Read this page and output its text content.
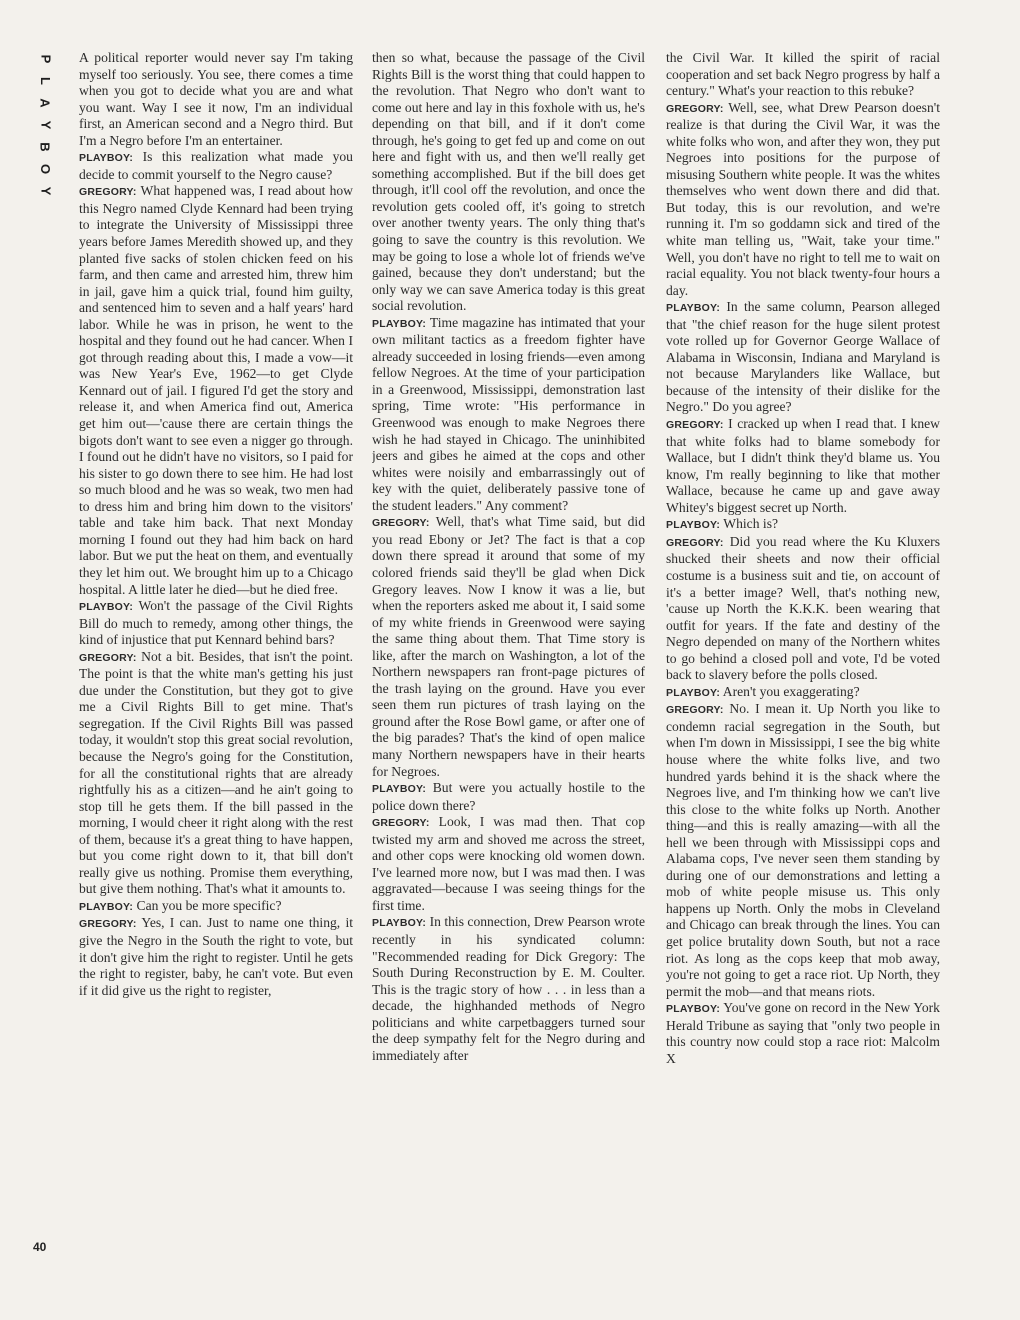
P
L
A
Y
B
O
Y

A political reporter would never say I'm taking myself too seriously. You see, there comes a time when you got to decide what you are and what you want. Way I see it now, I'm an individual first, an American second and a Negro third. But I'm a Negro before I'm an entertainer.

PLAYBOY: Is this realization what made you decide to commit yourself to the Negro cause?

GREGORY: What happened was, I read about how this Negro named Clyde Kennard had been trying to integrate the University of Mississippi three years before James Meredith showed up, and they planted five sacks of stolen chicken feed on his farm, and then came and arrested him, threw him in jail, gave him a quick trial, found him guilty, and sentenced him to seven and a half years' hard labor. While he was in prison, he went to the hospital and they found out he had cancer. When I got through reading about this, I made a vow—it was New Year's Eve, 1962—to get Clyde Kennard out of jail. I figured I'd get the story and release it, and when America find out, America get him out—'cause there are certain things the bigots don't want to see even a nigger go through. I found out he didn't have no visitors, so I paid for his sister to go down there to see him. He had lost so much blood and he was so weak, two men had to dress him and bring him down to the visitors' table and take him back. That next Monday morning I found out they had him back on hard labor. But we put the heat on them, and eventually they let him out. We brought him up to a Chicago hospital. A little later he died—but he died free.

PLAYBOY: Won't the passage of the Civil Rights Bill do much to remedy, among other things, the kind of injustice that put Kennard behind bars?

GREGORY: Not a bit. Besides, that isn't the point. The point is that the white man's getting his just due under the Constitution, but they got to give me a Civil Rights Bill to get mine. That's segregation. If the Civil Rights Bill was passed today, it wouldn't stop this great social revolution, because the Negro's going for the Constitution, for all the constitutional rights that are already rightfully his as a citizen—and he ain't going to stop till he gets them. If the bill passed in the morning, I would cheer it right along with the rest of them, because it's a great thing to have happen, but you come right down to it, that bill don't really give us nothing. Promise them everything, but give them nothing. That's what it amounts to.

PLAYBOY: Can you be more specific?

GREGORY: Yes, I can. Just to name one thing, it give the Negro in the South the right to vote, but it don't give him the right to register. Until he gets the right to register, baby, he can't vote. But even if it did give us the right to register,

then so what, because the passage of the Civil Rights Bill is the worst thing that could happen to the revolution. That Negro who don't want to come out here and lay in this foxhole with us, he's depending on that bill, and if it don't come through, he's going to get fed up and come on out here and fight with us, and then we'll really get something accomplished. But if the bill does get through, it'll cool off the revolution, and once the revolution gets cooled off, it's going to stretch over another twenty years. The only thing that's going to save the country is this revolution. We may be going to lose a whole lot of friends we've gained, because they don't understand; but the only way we can save America today is this great social revolution.

PLAYBOY: Time magazine has intimated that your own militant tactics as a freedom fighter have already succeeded in losing friends—even among fellow Negroes. At the time of your participation in a Greenwood, Mississippi, demonstration last spring, Time wrote: "His performance in Greenwood was enough to make Negroes there wish he had stayed in Chicago. The uninhibited jeers and gibes he aimed at the cops and other whites were noisily and embarrassingly out of key with the quiet, deliberately passive tone of the student leaders." Any comment?

GREGORY: Well, that's what Time said, but did you read Ebony or Jet? The fact is that a cop down there spread it around that some of my colored friends said they'll be glad when Dick Gregory leaves. Now I know it was a lie, but when the reporters asked me about it, I said some of my white friends in Greenwood were saying the same thing about them. That Time story is like, after the march on Washington, a lot of the Northern newspapers ran front-page pictures of the trash laying on the ground. Have you ever seen them run pictures of trash laying on the ground after the Rose Bowl game, or after one of the big parades? That's the kind of open malice many Northern newspapers have in their hearts for Negroes.

PLAYBOY: But were you actually hostile to the police down there?

GREGORY: Look, I was mad then. That cop twisted my arm and shoved me across the street, and other cops were knocking old women down. I've learned more now, but I was mad then. I was aggravated—because I was seeing things for the first time.

PLAYBOY: In this connection, Drew Pearson wrote recently in his syndicated column: "Recommended reading for Dick Gregory: The South During Reconstruction by E. M. Coulter. This is the tragic story of how . . . in less than a decade, the highhanded methods of Negro politicians and white carpetbaggers turned sour the deep sympathy felt for the Negro during and immediately after

the Civil War. It killed the spirit of racial cooperation and set back Negro progress by half a century." What's your reaction to this rebuke?

GREGORY: Well, see, what Drew Pearson doesn't realize is that during the Civil War, it was the white folks who won, and after they won, they put Negroes into positions for the purpose of misusing Southern white people. It was the whites themselves who went down there and did that. But today, this is our revolution, and we're running it. I'm so goddamn sick and tired of the white man telling us, "Wait, take your time." Well, you don't have no right to tell me to wait on racial equality. You not black twenty-four hours a day.

PLAYBOY: In the same column, Pearson alleged that "the chief reason for the huge silent protest vote rolled up for Governor George Wallace of Alabama in Wisconsin, Indiana and Maryland is not because Marylanders like Wallace, but because of the intensity of their dislike for the Negro." Do you agree?

GREGORY: I cracked up when I read that. I knew that white folks had to blame somebody for Wallace, but I didn't think they'd blame us. You know, I'm really beginning to like that mother Wallace, because he came up and gave away Whitey's biggest secret up North.

PLAYBOY: Which is?

GREGORY: Did you read where the Ku Kluxers shucked their sheets and now their official costume is a business suit and tie, on account of it's a better image? Well, that's nothing new, 'cause up North the K.K.K. been wearing that outfit for years. If the fate and destiny of the Negro depended on many of the Northern whites to go behind a closed poll and vote, I'd be voted back to slavery before the polls closed.

PLAYBOY: Aren't you exaggerating?

GREGORY: No. I mean it. Up North you like to condemn racial segregation in the South, but when I'm down in Mississippi, I see the big white house where the white folks live, and two hundred yards behind it is the shack where the Negroes live, and I'm thinking how we can't live this close to the white folks up North. Another thing—and this is really amazing—with all the hell we been through with Mississippi cops and Alabama cops, I've never seen them standing by during one of our demonstrations and letting a mob of white people misuse us. This only happens up North. Only the mobs in Cleveland and Chicago can break through the lines. You can get police brutality down South, but not a race riot. As long as the cops keep that mob away, you're not going to get a race riot. Up North, they permit the mob—and that means riots.

PLAYBOY: You've gone on record in the New York Herald Tribune as saying that "only two people in this country now could stop a race riot: Malcolm X

40
